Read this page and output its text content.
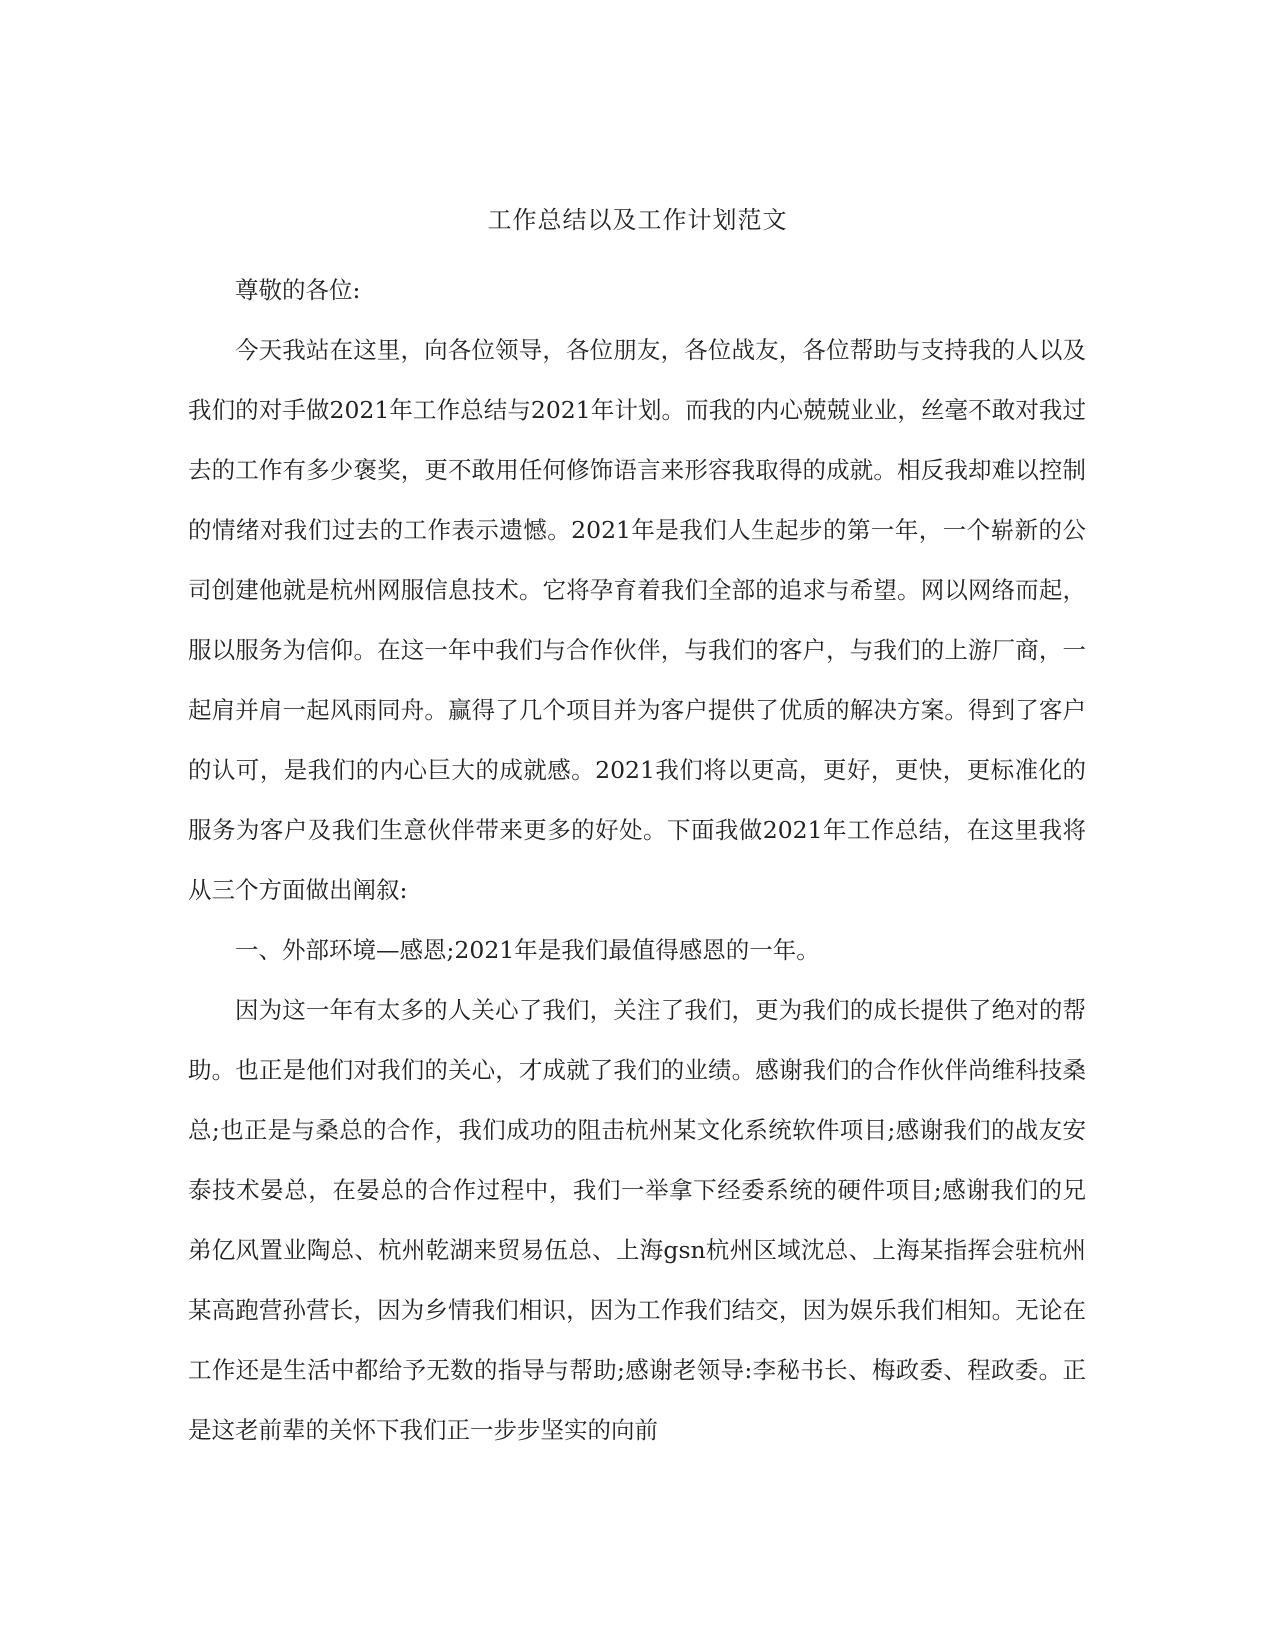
工作总结以及工作计划范文

尊敬的各位:

今天我站在这里，向各位领导，各位朋友，各位战友，各位帮助与支持我的人以及我们的对手做2021年工作总结与2021年计划。而我的内心兢兢业业，丝毫不敢对我过去的工作有多少褒奖，更不敢用任何修饰语言来形容我取得的成就。相反我却难以控制的情绪对我们过去的工作表示遗憾。2021年是我们人生起步的第一年，一个崭新的公司创建他就是杭州网服信息技术。它将孕育着我们全部的追求与希望。网以网络而起，服以服务为信仰。在这一年中我们与合作伙伴，与我们的客户，与我们的上游厂商，一起肩并肩一起风雨同舟。赢得了几个项目并为客户提供了优质的解决方案。得到了客户的认可，是我们的内心巨大的成就感。2021我们将以更高，更好，更快，更标准化的服务为客户及我们生意伙伴带来更多的好处。下面我做2021年工作总结，在这里我将从三个方面做出阐叙:

一、外部环境—感恩;2021年是我们最值得感恩的一年。

因为这一年有太多的人关心了我们，关注了我们，更为我们的成长提供了绝对的帮助。也正是他们对我们的关心，才成就了我们的业绩。感谢我们的合作伙伴尚维科技桑总;也正是与桑总的合作，我们成功的阻击杭州某文化系统软件项目;感谢我们的战友安泰技术晏总，在晏总的合作过程中，我们一举拿下经委系统的硬件项目;感谢我们的兄弟亿风置业陶总、杭州乾湖来贸易伍总、上海gsn杭州区域沈总、上海某指挥会驻杭州某高跑营孙营长，因为乡情我们相识，因为工作我们结交，因为娱乐我们相知。无论在工作还是生活中都给予无数的指导与帮助;感谢老领导:李秘书长、梅政委、程政委。正是这老前辈的关怀下我们正一步步坚实的向前
